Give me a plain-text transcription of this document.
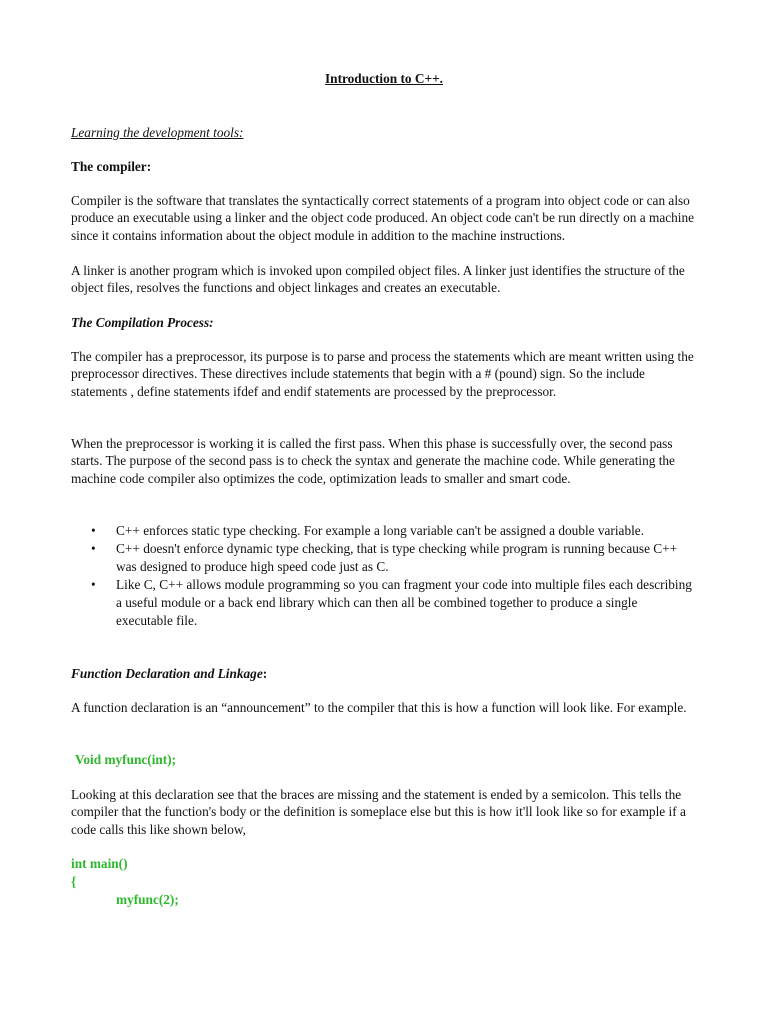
Introduction to C++.

Learning the development tools:

The compiler:

Compiler is the software that translates the syntactically correct statements of a program into object code or can also produce an executable using a linker and the object code produced. An object code can't be run directly on a machine since it contains information about the object module in addition to the machine instructions.

A linker is another program which is invoked upon compiled object files. A linker just identifies the structure of the object files, resolves the functions and object linkages and creates an executable.

The Compilation Process:

The compiler has a preprocessor, its purpose is to parse and process the statements which are meant written using the preprocessor directives. These directives include statements that begin with a # (pound) sign. So the include statements , define statements ifdef and endif statements are processed by the preprocessor.

When the preprocessor is working it is called the first pass. When this phase is successfully over, the second pass starts. The purpose of the second pass is to check the syntax and generate the machine code. While generating the machine code compiler also optimizes the code, optimization leads to smaller and smart code.

• C++ enforces static type checking. For example a long variable can't be assigned a double variable.
• C++ doesn't enforce dynamic type checking, that is type checking while program is running because C++ was designed to produce high speed code just as C.
• Like C, C++ allows module programming so you can fragment your code into multiple files each describing a useful module or a back end library which can then all be combined together to produce a single executable file.

Function Declaration and Linkage:

A function declaration is an “announcement” to the compiler that this is how a function will look like. For example.

Void myfunc(int);

Looking at this declaration see that the braces are missing and the statement is ended by a semicolon. This tells the compiler that the function's body or the definition is someplace else but this is how it'll look like so for example if a code calls this like shown below,

int main()

{

myfunc(2);
